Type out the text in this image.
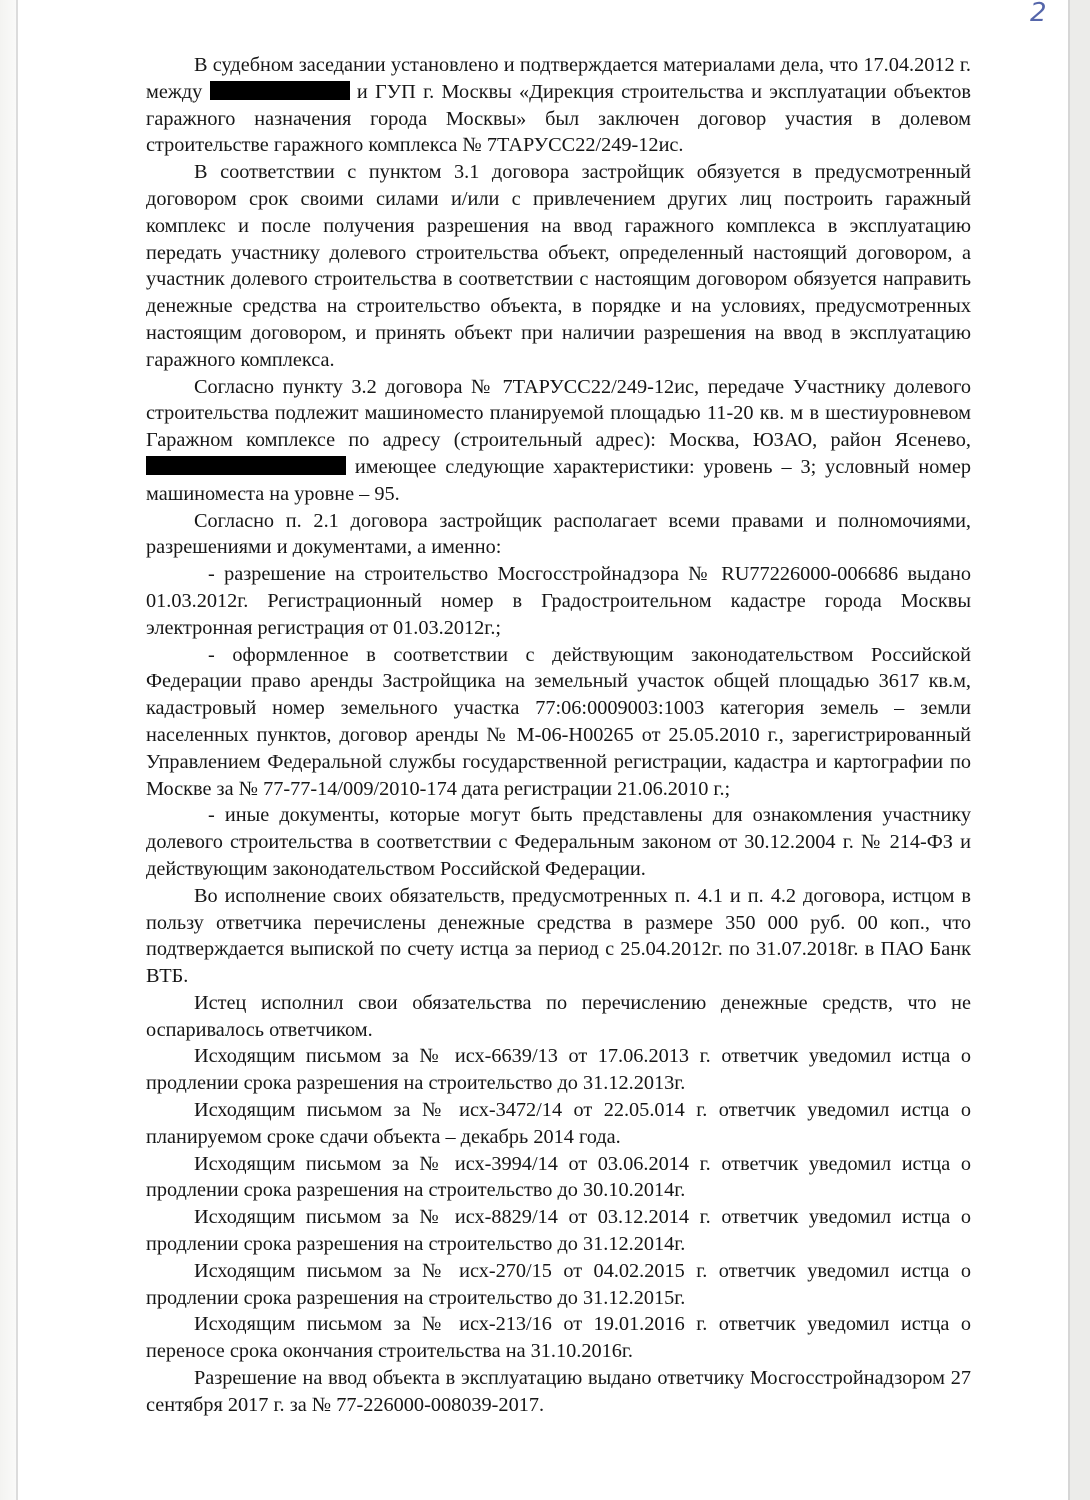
2

В судебном заседании установлено и подтверждается материалами дела, что 17.04.2012 г. между	и ГУП г. Москвы «Дирекция строительства и эксплуатации объектов гаражного назначения города Москвы» был заключен договор участия в долевом строительстве гаражного комплекса № 7ТАРУСС22/249-12ис.

В соответствии с пунктом 3.1 договора застройщик обязуется в предусмотренный договором срок своими силами и/или с привлечением других лиц построить гаражный комплекс и после получения разрешения на ввод гаражного комплекса в эксплуатацию передать участнику долевого строительства объект, определенный настоящий договором, а участник долевого строительства в соответствии с настоящим договором обязуется направить денежные средства на строительство объекта, в порядке и на условиях, предусмотренных настоящим договором, и принять объект при наличии разрешения на ввод в эксплуатацию гаражного комплекса.

Согласно пункту 3.2 договора № 7ТАРУСС22/249-12ис, передаче Участнику долевого строительства подлежит машиноместо планируемой площадью 11-20 кв. м в шестиуровневом Гаражном комплексе по адресу (строительный адрес): Москва, ЮЗАО, район Ясенево,  имеющее следующие характеристики: уровень – 3; условный номер машиноместа на уровне – 95.

Согласно п. 2.1 договора застройщик располагает всеми правами и полномочиями, разрешениями и документами, а именно:

- разрешение на строительство Мосгосстройнадзора № RU77226000-006686 выдано 01.03.2012г. Регистрационный номер в Градостроительном кадастре города Москвы электронная регистрация от 01.03.2012г.;

- оформленное в соответствии с действующим законодательством Российской Федерации право аренды Застройщика на земельный участок общей площадью 3617 кв.м, кадастровый номер земельного участка 77:06:0009003:1003 категория земель – земли населенных пунктов, договор аренды № М-06-Н00265 от 25.05.2010 г., зарегистрированный Управлением Федеральной службы государственной регистрации, кадастра и картографии по Москве за № 77-77-14/009/2010-174 дата регистрации 21.06.2010 г.;

- иные документы, которые могут быть представлены для ознакомления участнику долевого строительства в соответствии с Федеральным законом от 30.12.2004 г. № 214-ФЗ и действующим законодательством Российской Федерации.

Во исполнение своих обязательств, предусмотренных п. 4.1 и п. 4.2 договора, истцом в пользу ответчика перечислены денежные средства в размере 350 000 руб. 00 коп., что подтверждается выпиской по счету истца за период с 25.04.2012г. по 31.07.2018г. в ПАО Банк ВТБ.

Истец исполнил свои обязательства по перечислению денежные средств, что не оспаривалось ответчиком.

Исходящим письмом за № исх-6639/13 от 17.06.2013 г. ответчик уведомил истца о продлении срока разрешения на строительство до 31.12.2013г.

Исходящим письмом за № исх-3472/14 от 22.05.014 г. ответчик уведомил истца о планируемом сроке сдачи объекта – декабрь 2014 года.

Исходящим письмом за № исх-3994/14 от 03.06.2014 г. ответчик уведомил истца о продлении срока разрешения на строительство до 30.10.2014г.

Исходящим письмом за № исх-8829/14 от 03.12.2014 г. ответчик уведомил истца о продлении срока разрешения на строительство до 31.12.2014г.

Исходящим письмом за № исх-270/15 от 04.02.2015 г. ответчик уведомил истца о продлении срока разрешения на строительство до 31.12.2015г.

Исходящим письмом за № исх-213/16 от 19.01.2016 г. ответчик уведомил истца о переносе срока окончания строительства на 31.10.2016г.

Разрешение на ввод объекта в эксплуатацию выдано ответчику Мосгосстройнадзором 27 сентября 2017 г. за № 77-226000-008039-2017.
